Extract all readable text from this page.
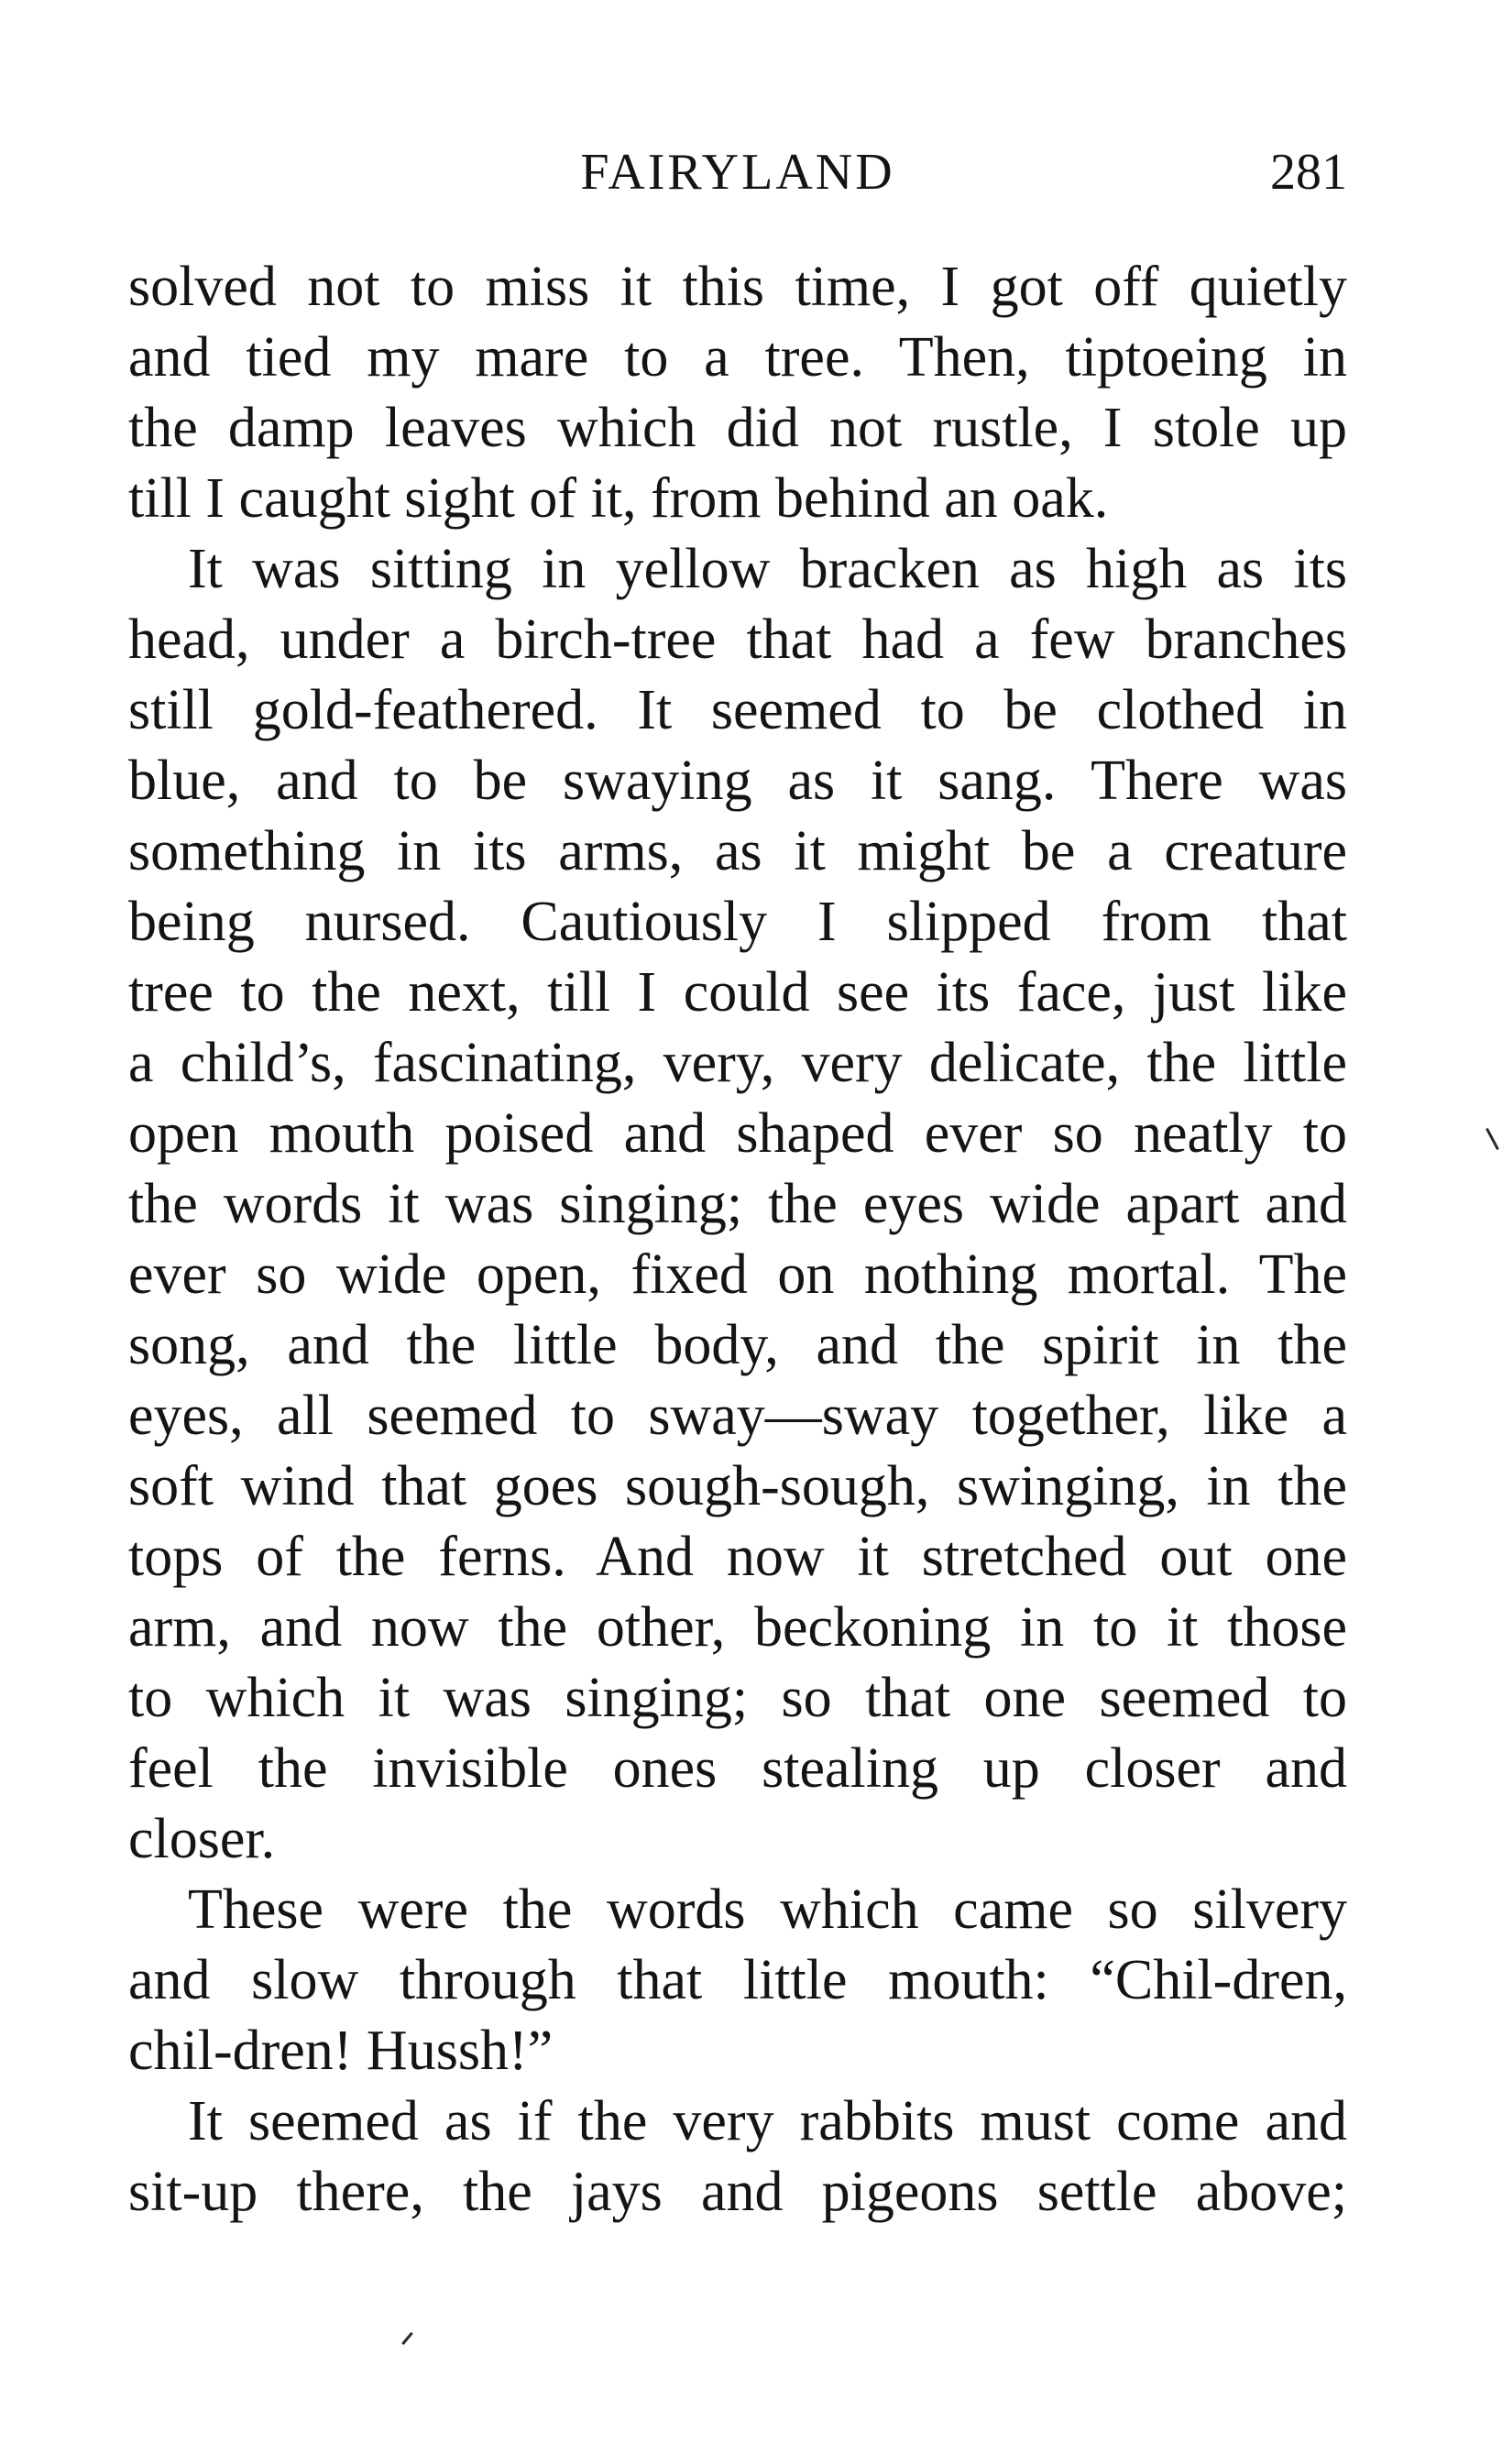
FAIRYLAND	281
solved not to miss it this time, I got off quietly
and tied my mare to a tree. Then, tiptoeing in
the damp leaves which did not rustle, I stole up
till I caught sight of it, from behind an oak.
It was sitting in yellow bracken as high as its
head, under a birch-tree that had a few branches
still gold-feathered. It seemed to be clothed in
blue, and to be swaying as it sang. There was
something in its arms, as it might be a creature
being nursed. Cautiously I slipped from that
tree to the next, till I could see its face, just like
a child’s, fascinating, very, very delicate, the little
open mouth poised and shaped ever so neatly to
the words it was singing; the eyes wide apart and
ever so wide open, fixed on nothing mortal. The
song, and the little body, and the spirit in the
eyes, all seemed to sway—sway together, like a
soft wind that goes sough-sough, swinging, in the
tops of the ferns. And now it stretched out one
arm, and now the other, beckoning in to it those
to which it was singing; so that one seemed to
feel the invisible ones stealing up closer and
closer.
These were the words which came so silvery
and slow through that little mouth: “Chil-dren,
chil-dren! Hussh!”
It seemed as if the very rabbits must come and
sit-up there, the jays and pigeons settle above;
